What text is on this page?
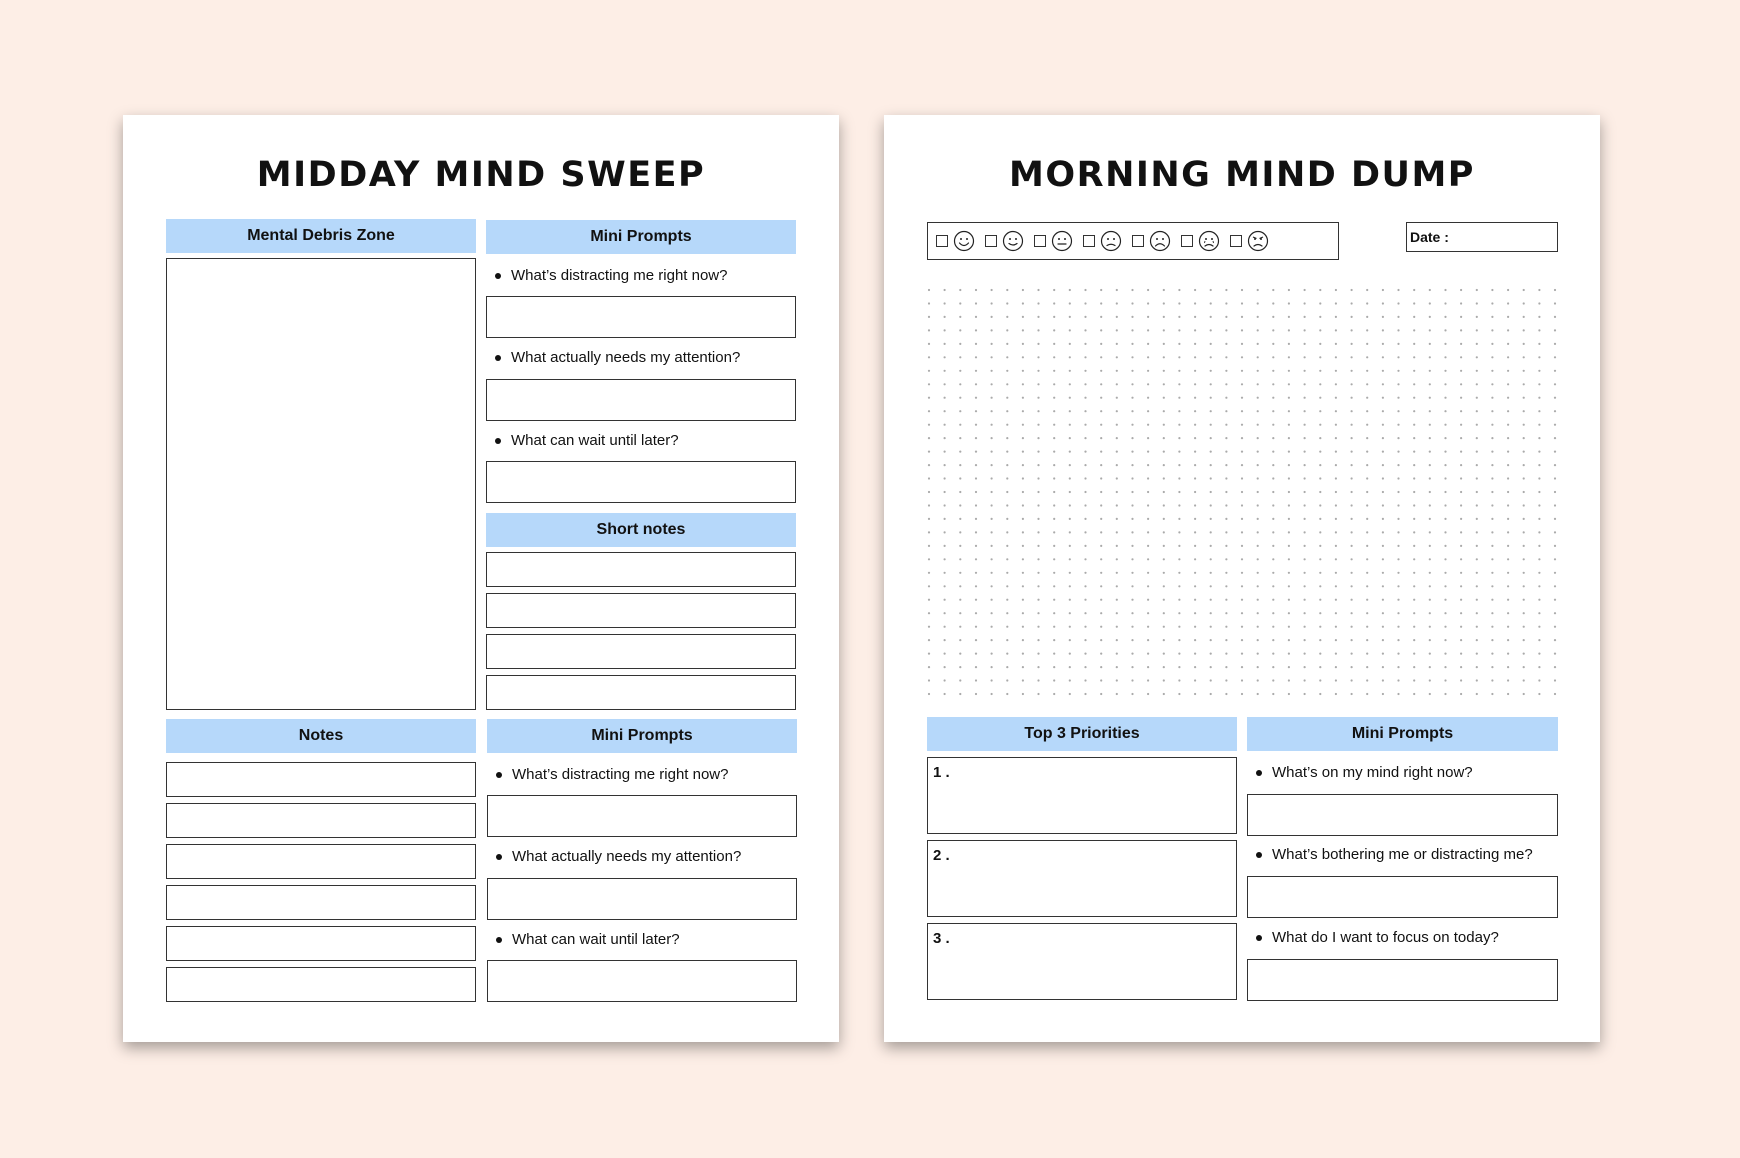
MIDDAY MIND SWEEP
Mental Debris Zone	Mini Prompts
What’s distracting me right now?
What actually needs my attention?
What can wait until later?
Short notes
Notes	Mini Prompts
What’s distracting me right now?
What actually needs my attention?
What can wait until later?
MORNING MIND DUMP
Date :
Top 3 Priorities
1 .
2 .
3 .
Mini Prompts
What’s on my mind right now?
What’s bothering me or distracting me?
What do I want to focus on today?
